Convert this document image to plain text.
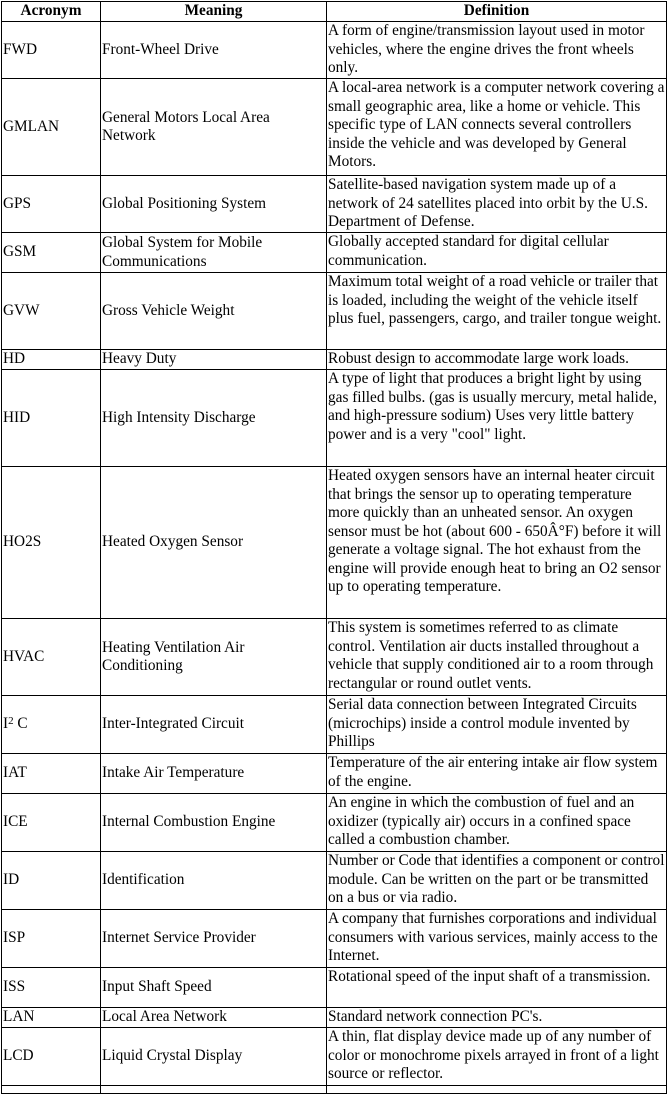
Acronym	Meaning	Definition
FWD	Front-Wheel Drive	A form of engine/transmission layout used in motor vehicles, where the engine drives the front wheels only.
GMLAN	General Motors Local Area Network	A local-area network is a computer network covering a small geographic area, like a home or vehicle. This specific type of LAN connects several controllers inside the vehicle and was developed by General Motors.
GPS	Global Positioning System	Satellite-based navigation system made up of a network of 24 satellites placed into orbit by the U.S. Department of Defense.
GSM	Global System for Mobile Communications	Globally accepted standard for digital cellular communication.
GVW	Gross Vehicle Weight	Maximum total weight of a road vehicle or trailer that is loaded, including the weight of the vehicle itself plus fuel, passengers, cargo, and trailer tongue weight.
HD	Heavy Duty	Robust design to accommodate large work loads.
HID	High Intensity Discharge	A type of light that produces a bright light by using gas filled bulbs. (gas is usually mercury, metal halide, and high-pressure sodium) Uses very little battery power and is a very "cool" light.
HO2S	Heated Oxygen Sensor	Heated oxygen sensors have an internal heater circuit that brings the sensor up to operating temperature more quickly than an unheated sensor. An oxygen sensor must be hot (about 600 - 650Â°F) before it will generate a voltage signal. The hot exhaust from the engine will provide enough heat to bring an O2 sensor up to operating temperature.
HVAC	Heating Ventilation Air Conditioning	This system is sometimes referred to as climate control. Ventilation air ducts installed throughout a vehicle that supply conditioned air to a room through rectangular or round outlet vents.
$I^2$ C	Inter-Integrated Circuit	Serial data connection between Integrated Circuits (microchips) inside a control module invented by Phillips
IAT	Intake Air Temperature	Temperature of the air entering intake air flow system of the engine.
ICE	Internal Combustion Engine	An engine in which the combustion of fuel and an oxidizer (typically air) occurs in a confined space called a combustion chamber.
ID	Identification	Number or Code that identifies a component or control module. Can be written on the part or be transmitted on a bus or via radio.
ISP	Internet Service Provider	A company that furnishes corporations and individual consumers with various services, mainly access to the Internet.
ISS	Input Shaft Speed	Rotational speed of the input shaft of a transmission.
LAN	Local Area Network	Standard network connection PC's.
LCD	Liquid Crystal Display	A thin, flat display device made up of any number of color or monochrome pixels arrayed in front of a light source or reflector.
